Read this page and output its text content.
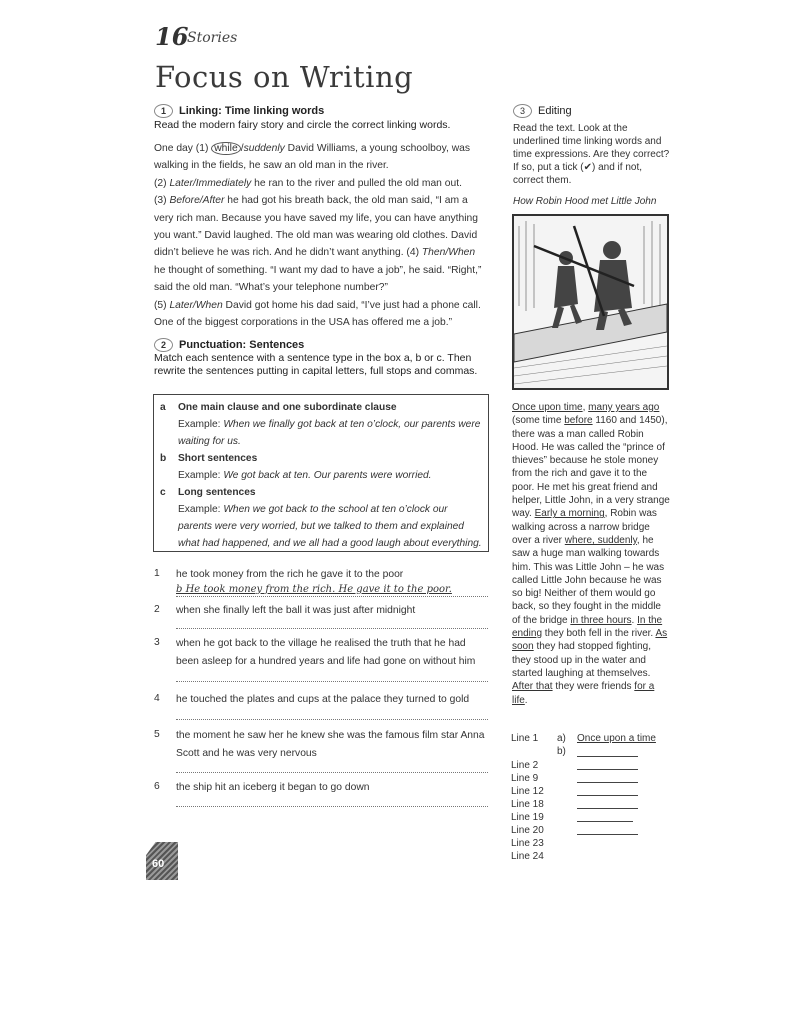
16
Stories
Focus on Writing
1 Linking: Time linking words
Read the modern fairy story and circle the correct linking words.

One day (1) while /suddenly David Williams, a young schoolboy, was walking in the fields, he saw an old man in the river.

(2) Later/Immediately he ran to the river and pulled the old man out.

(3) Before/After he had got his breath back, the old man said, “I am a very rich man. Because you have saved my life, you can have anything you want.” David laughed. The old man was wearing old clothes. David didn’t believe he was rich. And he didn’t want anything. (4) Then/When he thought of something. “I want my dad to have a job”, he said. “Right,” said the old man. “What’s your telephone number?”

(5) Later/When David got home his dad said, “I’ve just had a phone call. One of the biggest corporations in the USA has offered me a job.”

2 Punctuation: Sentences
Match each sentence with a sentence type in the box a, b or c. Then rewrite the sentences putting in capital letters, full stops and commas.
a	One main clause and one subordinate clause
Example: When we finally got back at ten o’clock, our parents were waiting for us.
b	Short sentences
Example: We got back at ten. Our parents were worried.
c	Long sentences
Example: When we got back to the school at ten o’clock our parents were very worried, but we talked to them and explained what had happened, and we all had a good laugh about everything.
1 he took money from the rich he gave it to the poor
b He took money from the rich. He gave it to the poor.
2 when she finally left the ball it was just after midnight
3 when he got back to the village he realised the truth that he had been asleep for a hundred years and life had gone on without him
4 he touched the plates and cups at the palace they turned to gold
5 the moment he saw her he knew she was the famous film star Anna Scott and he was very nervous
6 the ship hit an iceberg it began to go down
3 Editing
Read the text. Look at the underlined time linking words and time expressions. Are they correct? If so, put a tick (✔) and if not, correct them.
How Robin Hood met Little John
Once upon time, many years ago (some time before 1160 and 1450), there was a man called Robin Hood. He was called the “prince of thieves” because he stole money from the rich and gave it to the poor. He met his great friend and helper, Little John, in a very strange way. Early a morning, Robin was walking across a narrow bridge over a river where, suddenly, he saw a huge man walking towards him. This was Little John – he was called Little John because he was so big! Neither of them would go back, so they fought in the middle of the bridge in three hours. In the ending they both fell in the river. As soon they had stopped fighting, they stood up in the water and started laughing at themselves. After that they were friends for a life.
Line 1 a) Once upon a time
b)
Line 2
Line 9
Line 12
Line 18
Line 19
Line 20
Line 23
Line 24
60
